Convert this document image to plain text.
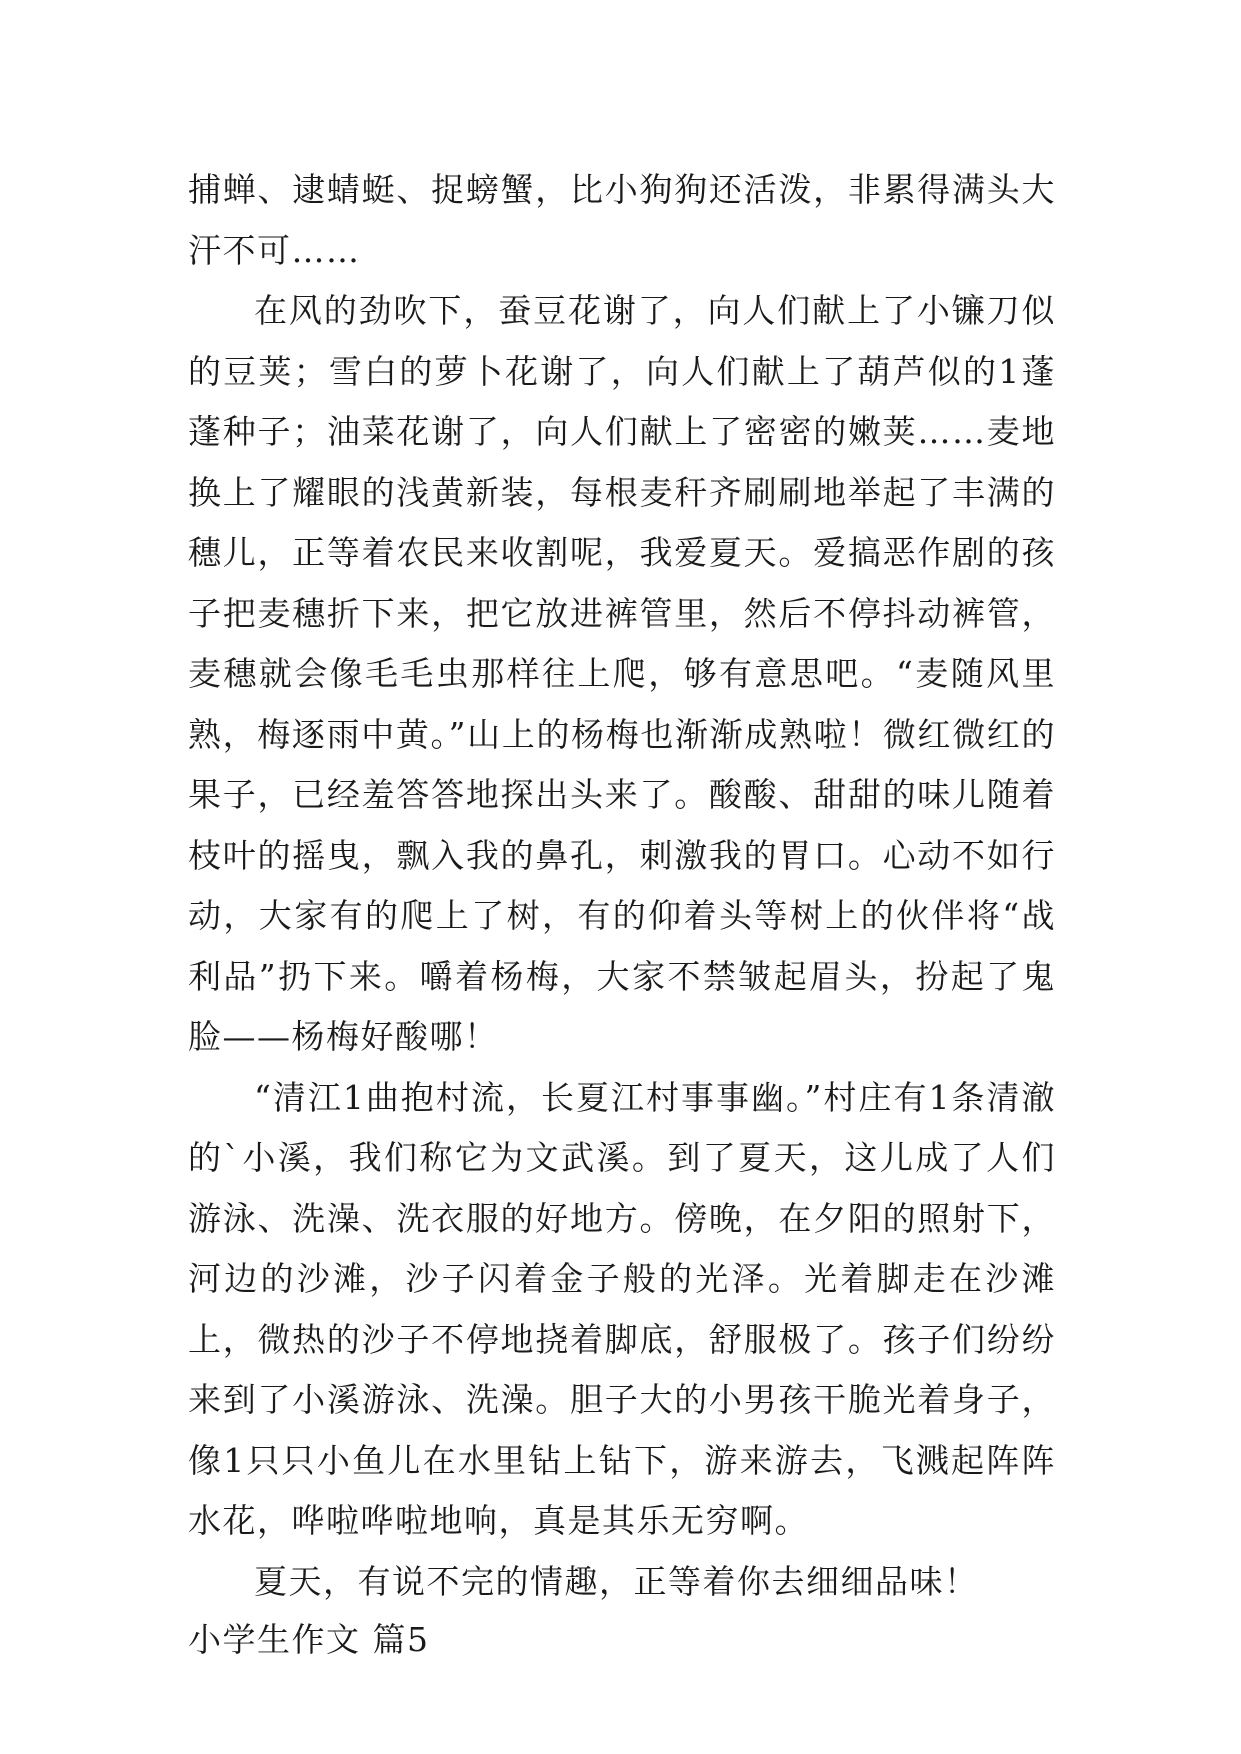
捕蝉、逮蜻蜓、捉螃蟹，比小狗狗还活泼，非累得满头大汗不可……

在风的劲吹下，蚕豆花谢了，向人们献上了小镰刀似的豆荚；雪白的萝卜花谢了，向人们献上了葫芦似的1蓬蓬种子；油菜花谢了，向人们献上了密密的嫩荚……麦地换上了耀眼的浅黄新装，每根麦秆齐刷刷地举起了丰满的穗儿，正等着农民来收割呢，我爱夏天。爱搞恶作剧的孩子把麦穗折下来，把它放进裤管里，然后不停抖动裤管，麦穗就会像毛毛虫那样往上爬，够有意思吧。“麦随风里熟，梅逐雨中黄。”山上的杨梅也渐渐成熟啦！微红微红的果子，已经羞答答地探出头来了。酸酸、甜甜的味儿随着枝叶的摇曳，飘入我的鼻孔，刺激我的胃口。心动不如行动，大家有的爬上了树，有的仰着头等树上的伙伴将“战利品”扔下来。嚼着杨梅，大家不禁皱起眉头，扮起了鬼脸——杨梅好酸哪！

“清江1曲抱村流，长夏江村事事幽。”村庄有1条清澈的`小溪，我们称它为文武溪。到了夏天，这儿成了人们游泳、洗澡、洗衣服的好地方。傍晚，在夕阳的照射下，河边的沙滩，沙子闪着金子般的光泽。光着脚走在沙滩上，微热的沙子不停地挠着脚底，舒服极了。孩子们纷纷来到了小溪游泳、洗澡。胆子大的小男孩干脆光着身子，像1只只小鱼儿在水里钻上钻下，游来游去，飞溅起阵阵水花，哗啦哗啦地响，真是其乐无穷啊。

夏天，有说不完的情趣，正等着你去细细品味！

小学生作文 篇5
